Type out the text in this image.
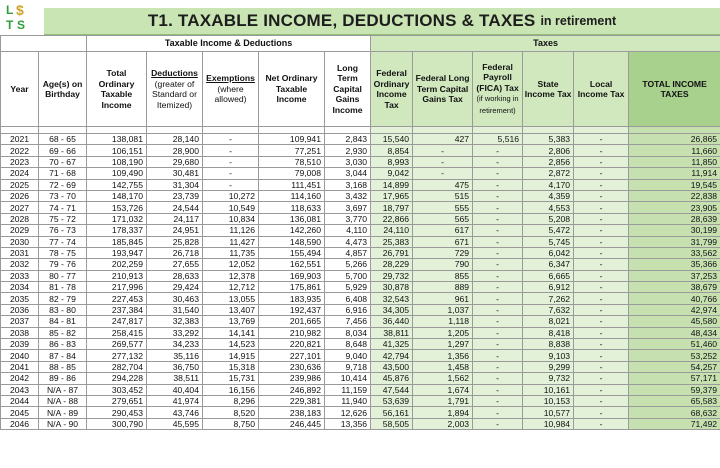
L $
T S	T1. TAXABLE INCOME, DEDUCTIONS & TAXES in retirement
		Taxable Income & Deductions					Taxes					
Year	Age(s) on Birthday	Total Ordinary Taxable Income	Deductions
(greater of Standard or Itemized)	Exemptions
(where allowed)	Net Ordinary Taxable Income	Long Term Capital Gains Income	Federal Ordinary Income Tax	Federal Long Term Capital Gains Tax	Federal Payroll (FICA) Tax
(if working in retirement)	State Income Tax	Local Income Tax	TOTAL INCOME TAXES

2021	68 - 65	138,081	28,140	-	109,941	2,843	15,540	427	5,516	5,383	-	26,865
2022	69 - 66	106,151	28,900	-	77,251	2,930	8,854	-	-	2,806	-	11,660
2023	70 - 67	108,190	29,680	-	78,510	3,030	8,993	-	-	2,856	-	11,850
2024	71 - 68	109,490	30,481	-	79,008	3,044	9,042	-	-	2,872	-	11,914
2025	72 - 69	142,755	31,304	-	111,451	3,168	14,899	475	-	4,170	-	19,545
2026	73 - 70	148,170	23,739	10,272	114,160	3,432	17,965	515	-	4,359	-	22,838
2027	74 - 71	153,726	24,544	10,549	118,633	3,697	18,797	555	-	4,553	-	23,905
2028	75 - 72	171,032	24,117	10,834	136,081	3,770	22,866	565	-	5,208	-	28,639
2029	76 - 73	178,337	24,951	11,126	142,260	4,110	24,110	617	-	5,472	-	30,199
2030	77 - 74	185,845	25,828	11,427	148,590	4,473	25,383	671	-	5,745	-	31,799
2031	78 - 75	193,947	26,718	11,735	155,494	4,857	26,791	729	-	6,042	-	33,562
2032	79 - 76	202,259	27,655	12,052	162,551	5,266	28,229	790	-	6,347	-	35,366
2033	80 - 77	210,913	28,633	12,378	169,903	5,700	29,732	855	-	6,665	-	37,253
2034	81 - 78	217,996	29,424	12,712	175,861	5,929	30,878	889	-	6,912	-	38,679
2035	82 - 79	227,453	30,463	13,055	183,935	6,408	32,543	961	-	7,262	-	40,766
2036	83 - 80	237,384	31,540	13,407	192,437	6,916	34,305	1,037	-	7,632	-	42,974
2037	84 - 81	247,817	32,383	13,769	201,665	7,456	36,440	1,118	-	8,021	-	45,580
2038	85 - 82	258,415	33,292	14,141	210,982	8,034	38,811	1,205	-	8,418	-	48,434
2039	86 - 83	269,577	34,233	14,523	220,821	8,648	41,325	1,297	-	8,838	-	51,460
2040	87 - 84	277,132	35,116	14,915	227,101	9,040	42,794	1,356	-	9,103	-	53,252
2041	88 - 85	282,704	36,750	15,318	230,636	9,718	43,500	1,458	-	9,299	-	54,257
2042	89 - 86	294,228	38,511	15,731	239,986	10,414	45,876	1,562	-	9,732	-	57,171
2043	N/A - 87	303,452	40,404	16,156	246,892	11,159	47,544	1,674	-	10,161	-	59,379
2044	N/A - 88	279,651	41,974	8,296	229,381	11,940	53,639	1,791	-	10,153	-	65,583
2045	N/A - 89	290,453	43,746	8,520	238,183	12,626	56,161	1,894	-	10,577	-	68,632
2046	N/A - 90	300,790	45,595	8,750	246,445	13,356	58,505	2,003	-	10,984	-	71,492
